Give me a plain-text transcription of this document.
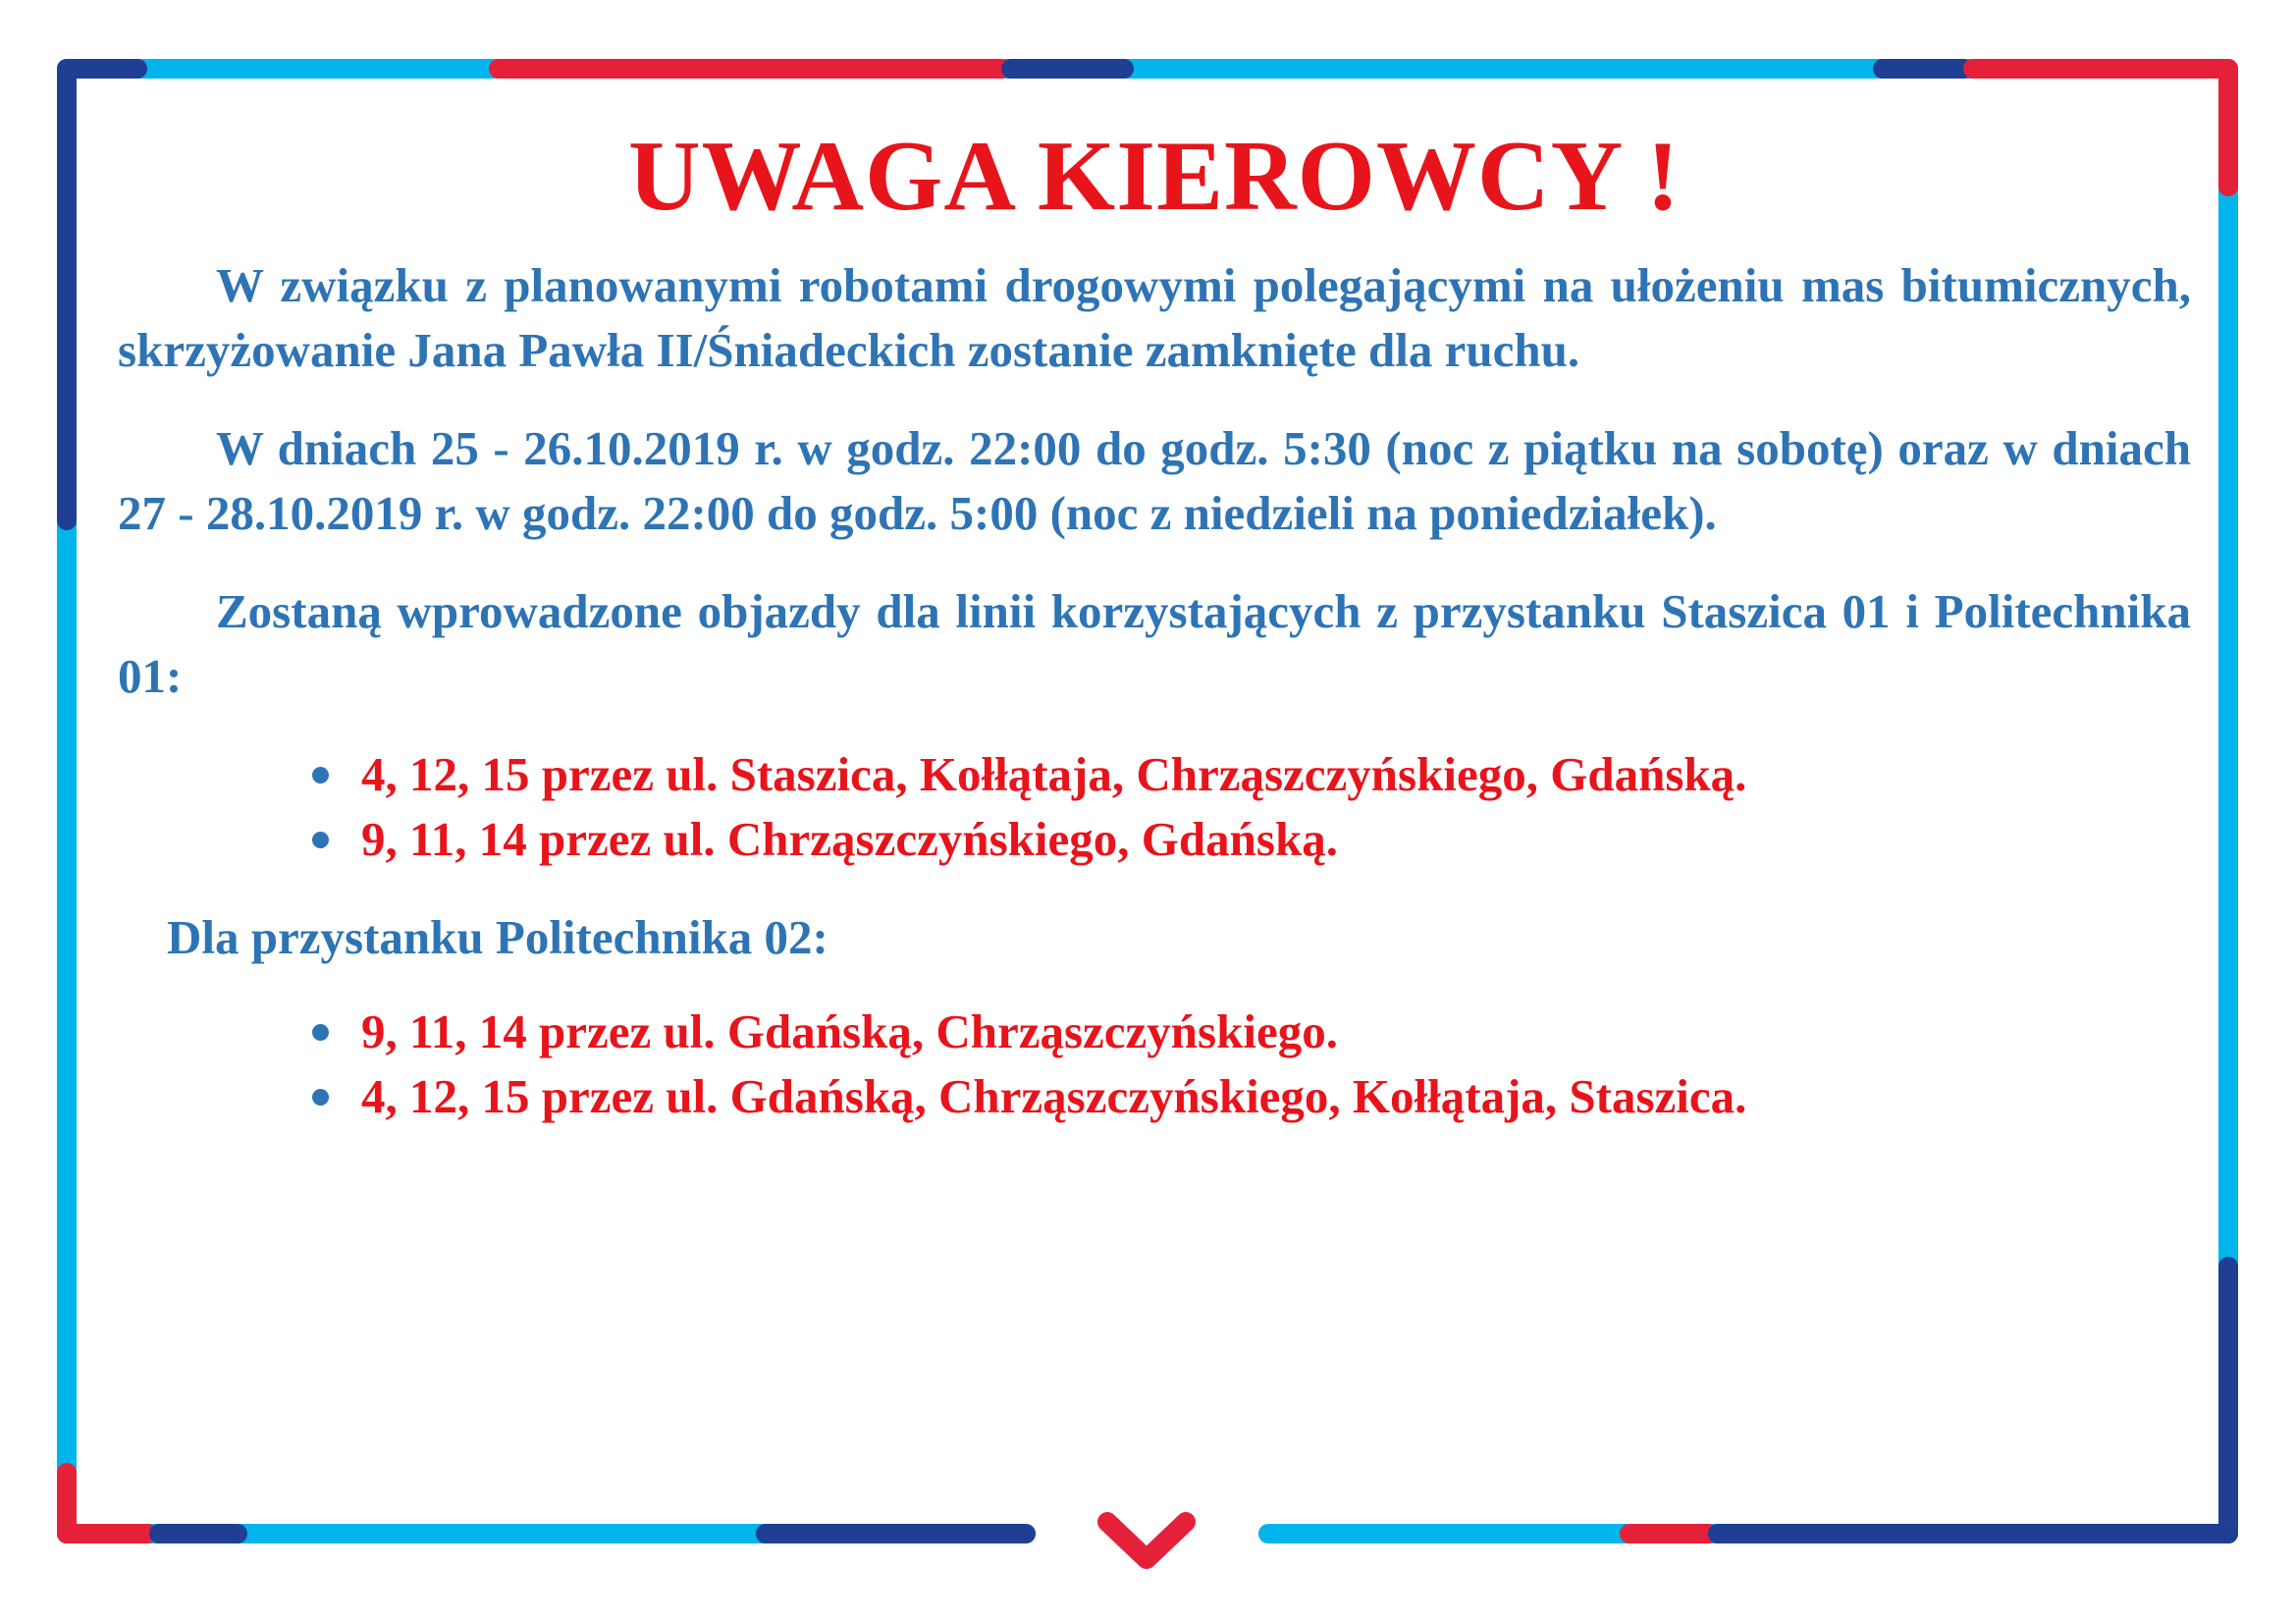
UWAGA KIEROWCY !

W związku z planowanymi robotami drogowymi polegającymi na ułożeniu mas bitumicznych, skrzyżowanie Jana Pawła II/Śniadeckich zostanie zamknięte dla ruchu.

W dniach 25 - 26.10.2019 r. w godz. 22:00 do godz. 5:30 (noc z piątku na sobotę) oraz w dniach 27 - 28.10.2019 r. w godz. 22:00 do godz. 5:00 (noc z niedzieli na poniedziałek).

Zostaną wprowadzone objazdy dla linii korzystających z przystanku Staszica 01 i Politechnika 01:

4, 12, 15 przez ul. Staszica, Kołłątaja, Chrząszczyńskiego, Gdańską.
9, 11, 14 przez ul. Chrząszczyńskiego, Gdańską.
Dla przystanku Politechnika 02:
9, 11, 14 przez ul. Gdańską, Chrząszczyńskiego.
4, 12, 15 przez ul. Gdańską, Chrząszczyńskiego, Kołłątaja, Staszica.
